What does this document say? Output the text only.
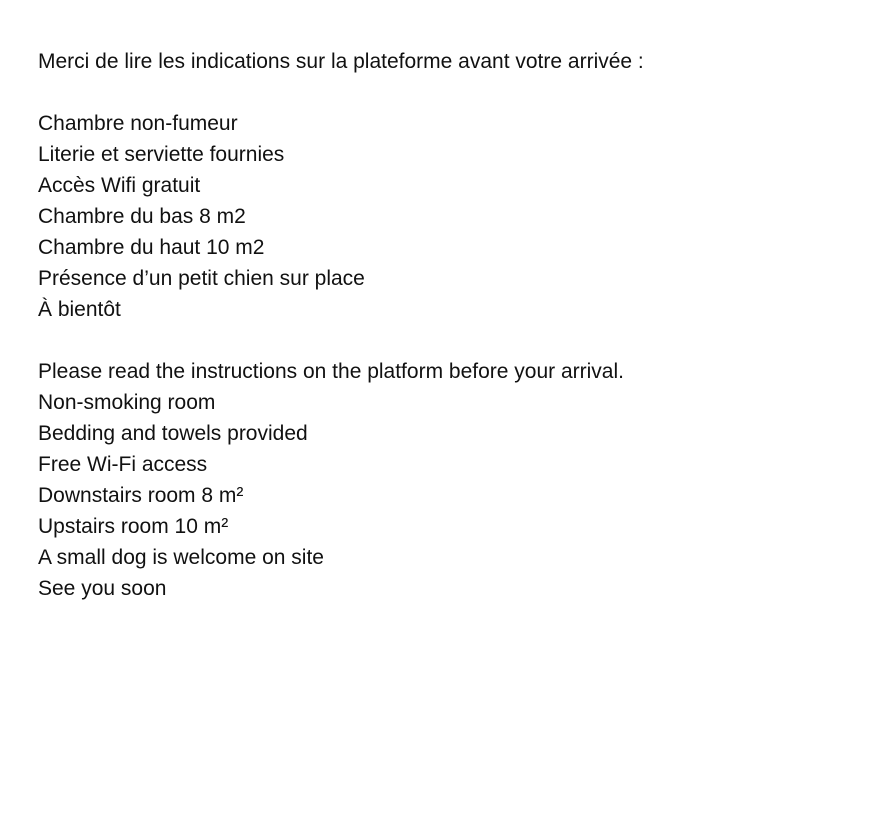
Merci de lire les indications sur la plateforme avant votre arrivée :
Chambre non-fumeur
Literie et serviette fournies
Accès Wifi gratuit
Chambre du bas 8 m2
Chambre du haut 10 m2
Présence d’un petit chien sur place
À bientôt
Please read the instructions on the platform before your arrival.
Non-smoking room
Bedding and towels provided
Free Wi-Fi access
Downstairs room 8 m²
Upstairs room 10 m²
A small dog is welcome on site
See you soon
